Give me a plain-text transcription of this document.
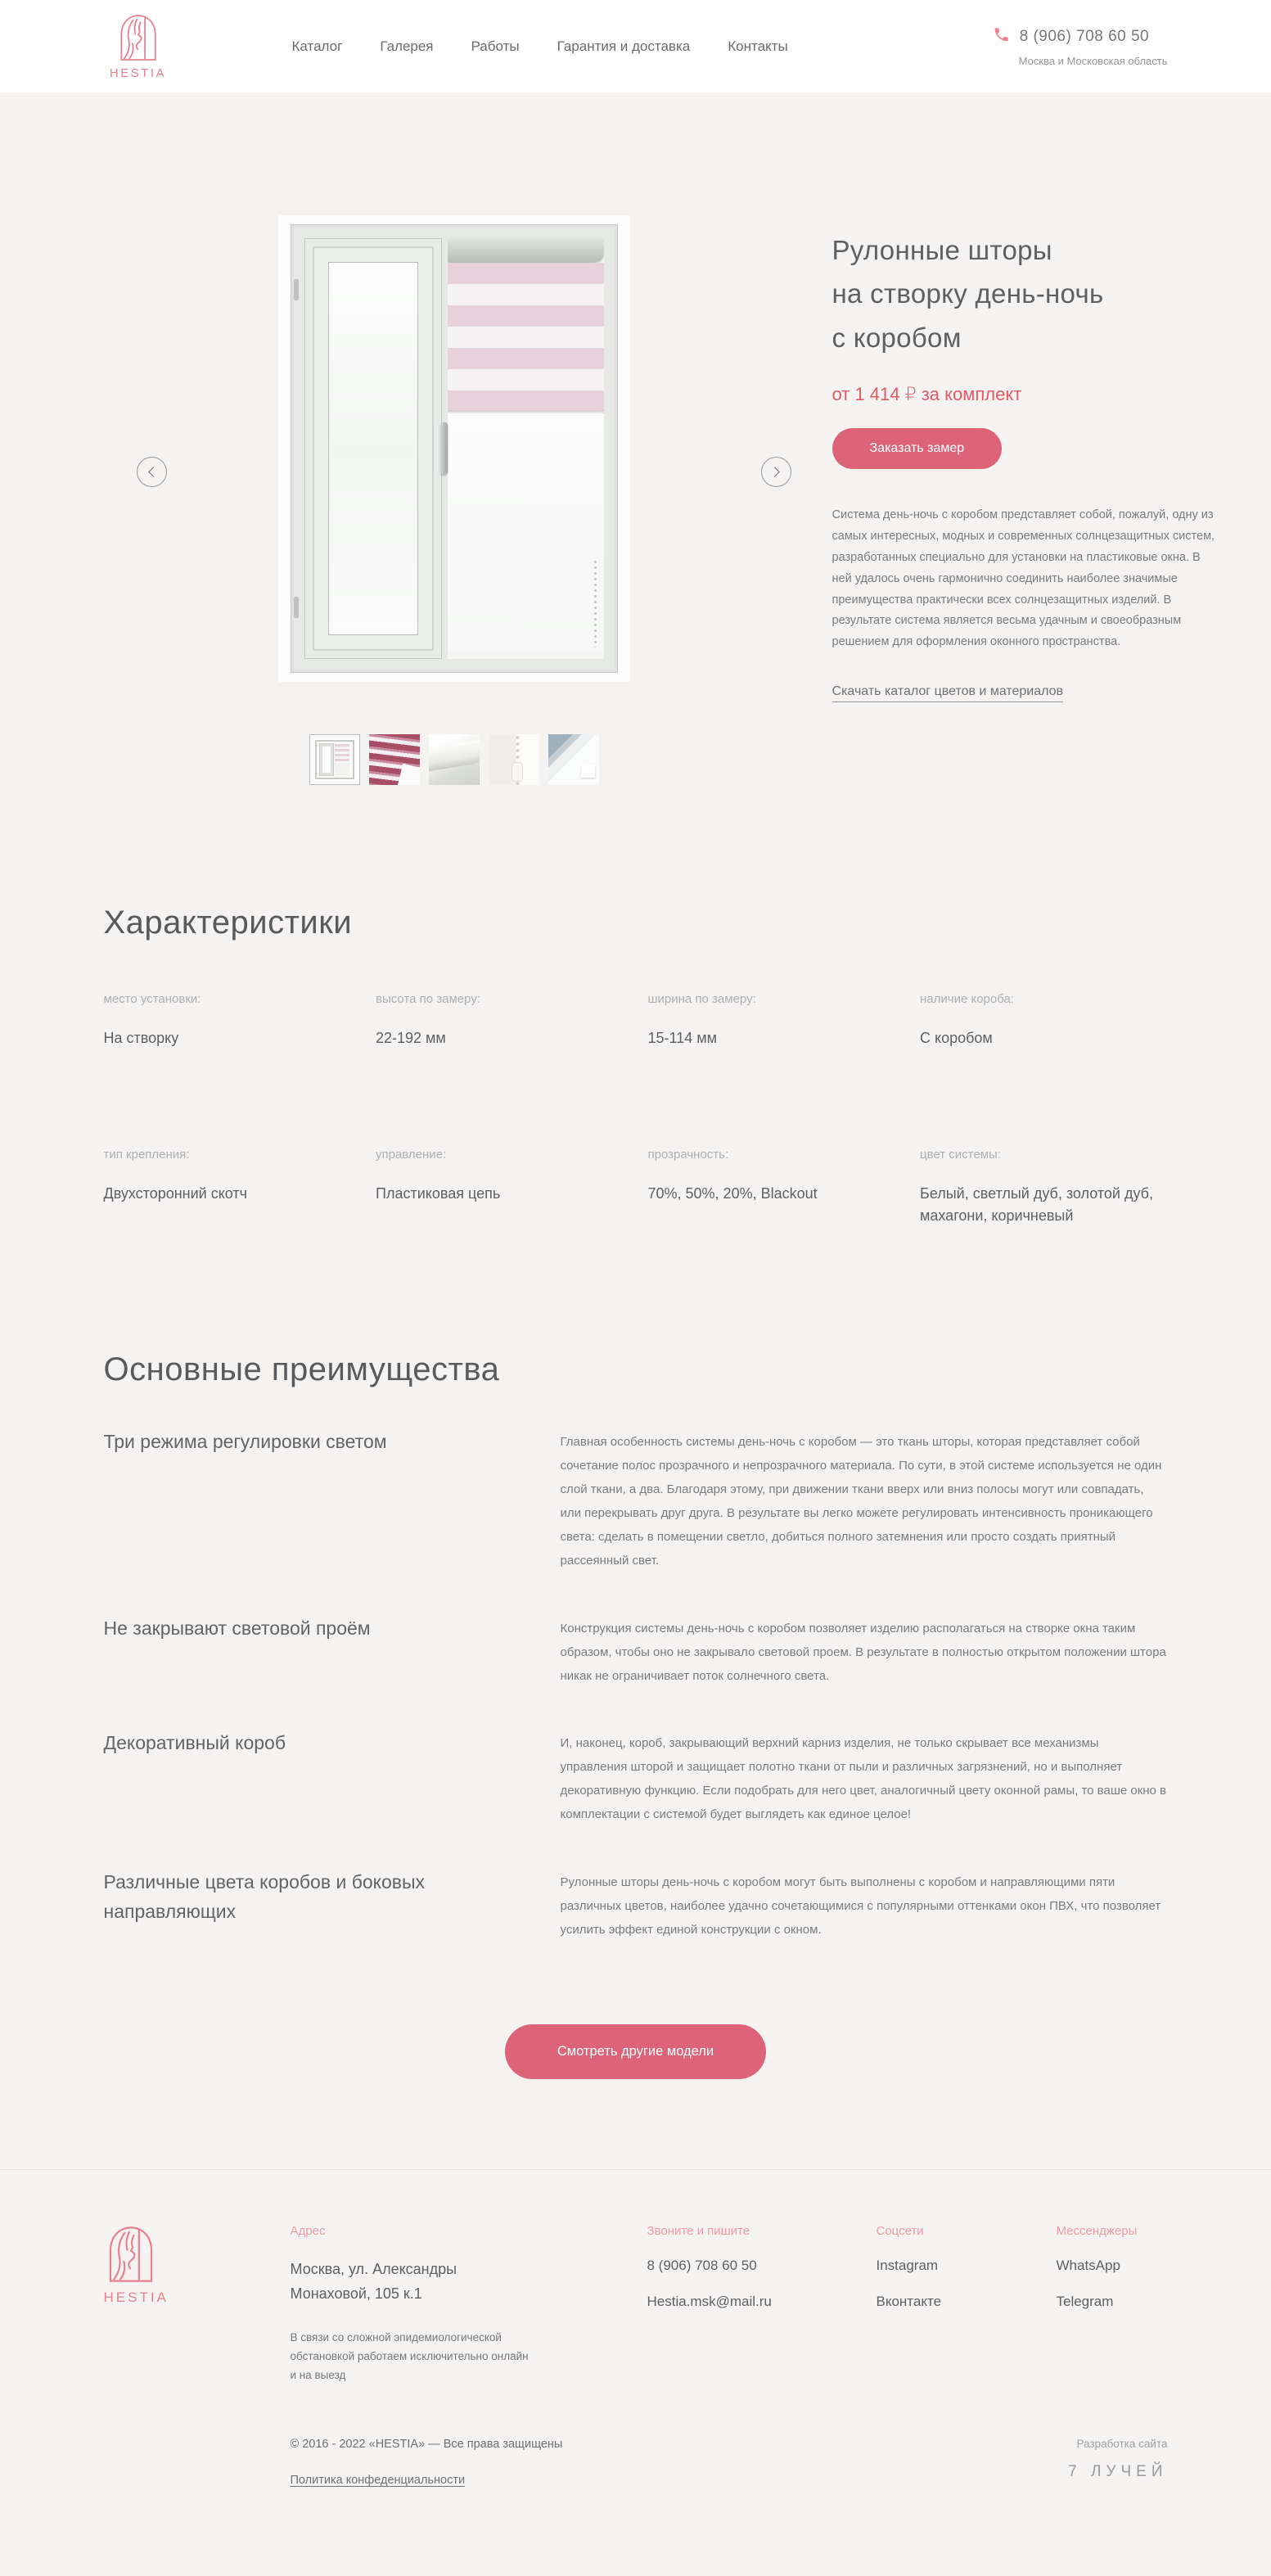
HESTIA
Каталог	Галерея	Работы	Гарантия и доставка	Контакты
8 (906) 708 60 50
Москва и Московская область
Рулонные шторы
на створку день-ночь
с коробом
от 1 414 ₽ за комплект
Заказать замер
Система день-ночь с коробом представляет собой, пожалуй, одну из самых интересных, модных и современных солнцезащитных систем, разработанных специально для установки на пластиковые окна. В ней удалось очень гармонично соединить наиболее значимые преимущества практически всех солнцезащитных изделий. В результате система является весьма удачным и своеобразным решением для оформления оконного пространства.
Скачать каталог цветов и материалов
Характеристики
место установки:
На створку
высота по замеру:
22-192 мм
ширина по замеру:
15-114 мм
наличие короба:
С коробом
тип крепления:
Двухсторонний скотч
управление:
Пластиковая цепь
прозрачность:
70%, 50%, 20%, Blackout
цвет системы:
Белый, светлый дуб, золотой дуб, махагони, коричневый
Основные преимущества
Три режима регулировки светом	Главная особенность системы день-ночь с коробом — это ткань шторы, которая представляет собой сочетание полос прозрачного и непрозрачного материала. По сути, в этой системе используется не один слой ткани, а два. Благодаря этому, при движении ткани вверх или вниз полосы могут или совпадать, или перекрывать друг друга. В результате вы легко можете регулировать интенсивность проникающего света: сделать в помещении светло, добиться полного затемнения или просто создать приятный рассеянный свет.
Не закрывают световой проём	Конструкция системы день-ночь с коробом позволяет изделию располагаться на створке окна таким образом, чтобы оно не закрывало световой проем. В результате в полностью открытом положении штора никак не ограничивает поток солнечного света.
Декоративный короб	И, наконец, короб, закрывающий верхний карниз изделия, не только скрывает все механизмы управления шторой и защищает полотно ткани от пыли и различных загрязнений, но и выполняет декоративную функцию. Если подобрать для него цвет, аналогичный цвету оконной рамы, то ваше окно в комплектации с системой будет выглядеть как единое целое!
Различные цвета коробов и боковых направляющих
Рулонные шторы день-ночь с коробом могут быть выполнены с коробом и направляющими пяти различных цветов, наиболее удачно сочетающимися с популярными оттенками окон ПВХ, что позволяет усилить эффект единой конструкции с окном.
Смотреть другие модели
HESTIA
Адрес
Москва, ул. Александры Монаховой, 105 к.1
В связи со сложной эпидемиологической обстановкой работаем исключительно онлайн и на выезд
Звоните и пишите
8 (906) 708 60 50
Hestia.msk@mail.ru
Соцсети
Instagram
Вконтакте
Мессенджеры
WhatsApp
Telegram
© 2016 - 2022 «HESTIA» — Все права защищены
Политика конфеденциальности
Разработка сайта
7 ЛУЧЕЙ
